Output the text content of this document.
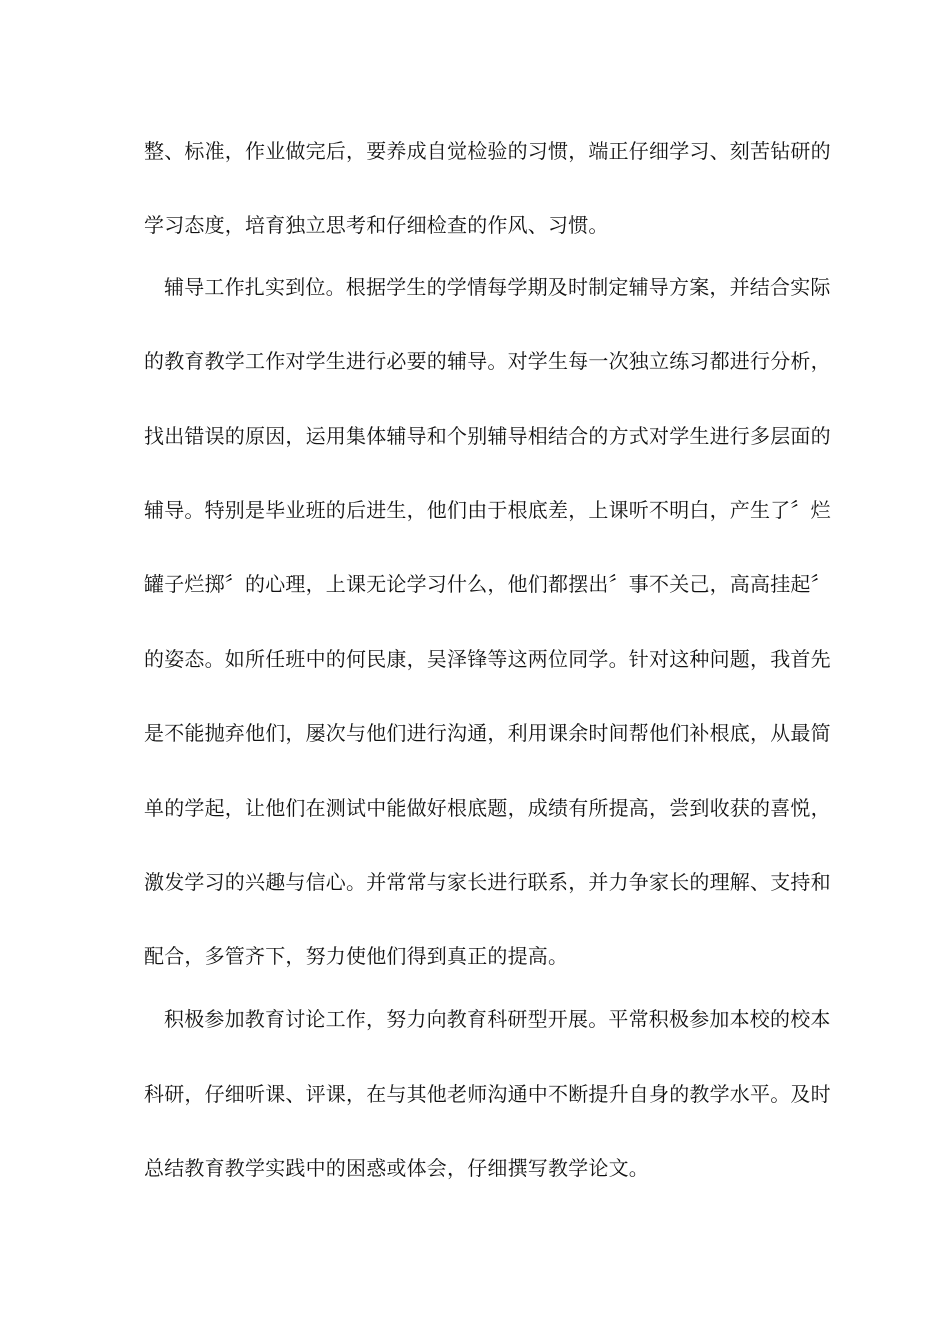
整、标准，作业做完后，要养成自觉检验的习惯，端正仔细学习、刻苦钻研的
学习态度，培育独立思考和仔细检查的作风、习惯。
辅导工作扎实到位。根据学生的学情每学期及时制定辅导方案，并结合实际
的教育教学工作对学生进行必要的辅导。对学生每一次独立练习都进行分析，
找出错误的原因，运用集体辅导和个别辅导相结合的方式对学生进行多层面的
辅导。特别是毕业班的后进生，他们由于根底差，上课听不明白，产生了〞烂
罐子烂掷〞的心理，上课无论学习什么，他们都摆出〞事不关己，高高挂起〞
的姿态。如所任班中的何民康，吴泽锋等这两位同学。针对这种问题，我首先
是不能抛弃他们，屡次与他们进行沟通，利用课余时间帮他们补根底，从最简
单的学起，让他们在测试中能做好根底题，成绩有所提高，尝到收获的喜悦，
激发学习的兴趣与信心。并常常与家长进行联系，并力争家长的理解、支持和
配合，多管齐下，努力使他们得到真正的提高。
积极参加教育讨论工作，努力向教育科研型开展。平常积极参加本校的校本
科研，仔细听课、评课，在与其他老师沟通中不断提升自身的教学水平。及时
总结教育教学实践中的困惑或体会，仔细撰写教学论文。
